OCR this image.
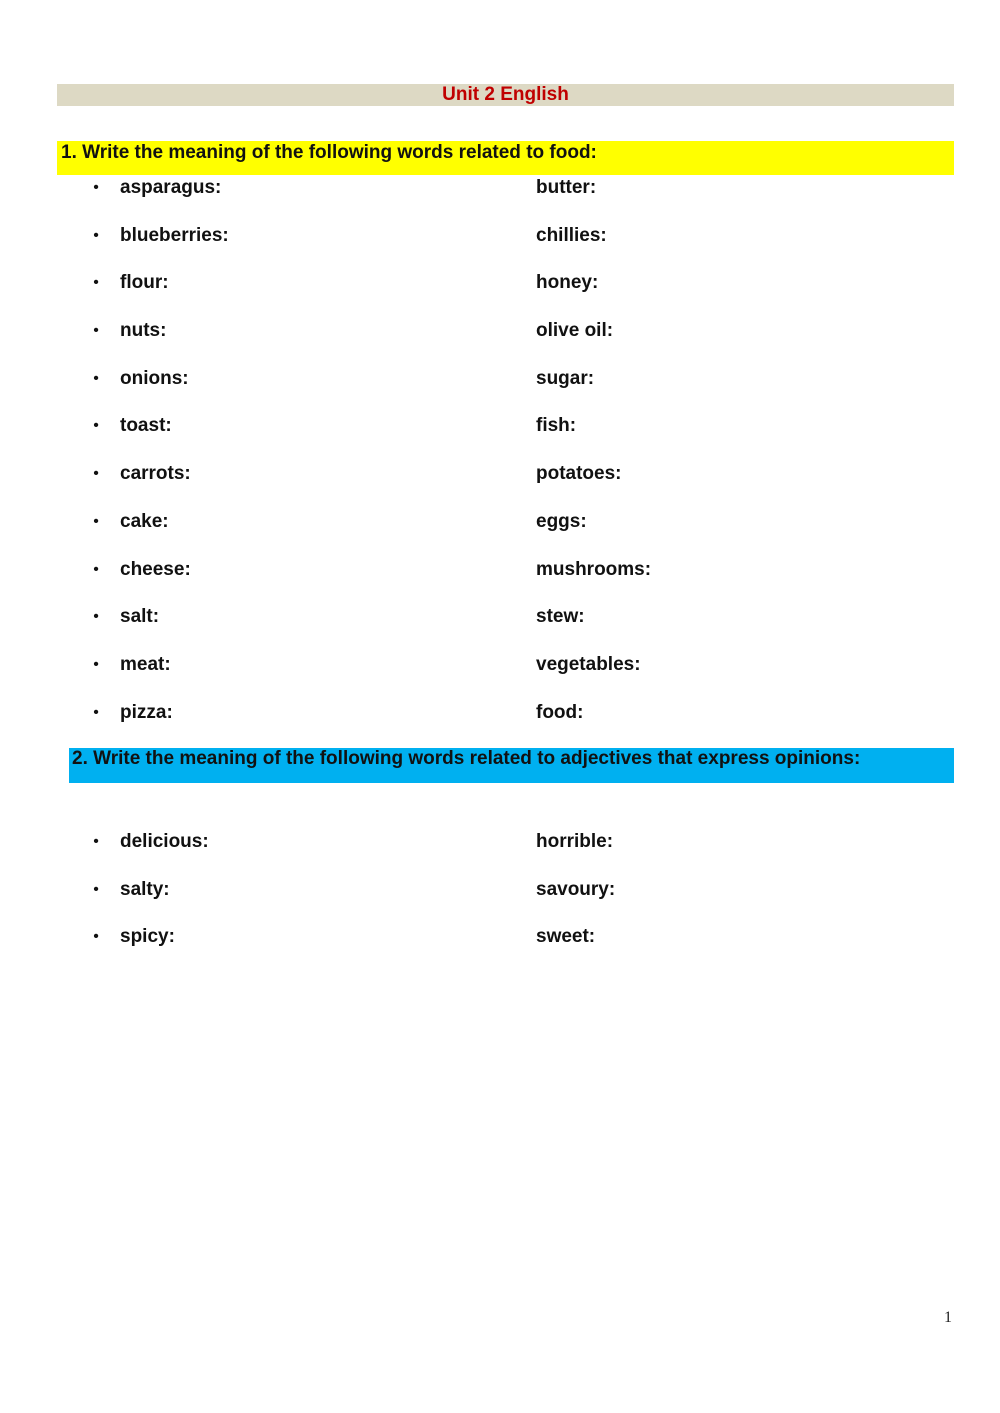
Unit 2 English
1. Write the meaning of the following words related to food:
• asparagus:	butter:
• blueberries:	chillies:
• flour:	honey:
• nuts:	olive oil:
• onions:	sugar:
• toast:	fish:
• carrots:	potatoes:
• cake:	eggs:
• cheese:	mushrooms:
• salt:	stew:
• meat:	vegetables:
• pizza:	food:
2. Write the meaning of the following words related to adjectives that express opinions:
• delicious:	horrible:
• salty:	savoury:
• spicy:	sweet:
1
